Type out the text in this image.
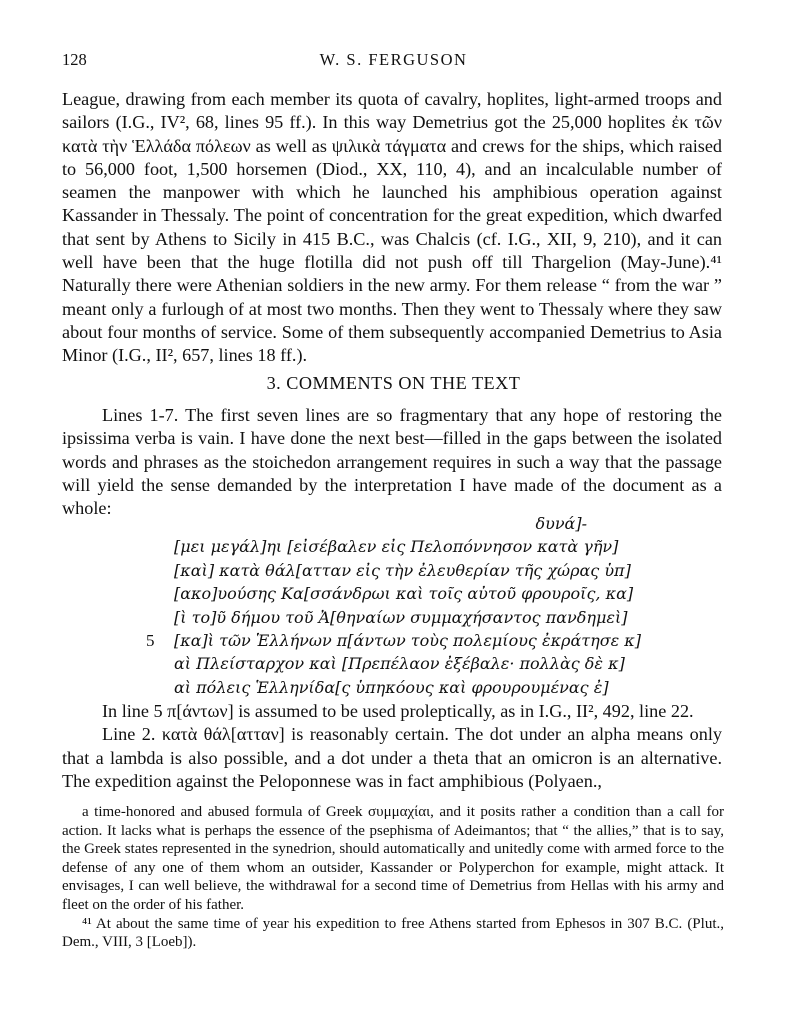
128	W. S. FERGUSON

League, drawing from each member its quota of cavalry, hoplites, light-armed troops and sailors (I.G., IV², 68, lines 95 ff.). In this way Demetrius got the 25,000 hoplites ἐκ τῶν κατὰ τὴν Ἑλλάδα πόλεων as well as ψιλικὰ τάγματα and crews for the ships, which raised to 56,000 foot, 1,500 horsemen (Diod., XX, 110, 4), and an incalculable number of seamen the manpower with which he launched his amphibious operation against Kassander in Thessaly. The point of concentration for the great expedition, which dwarfed that sent by Athens to Sicily in 415 B.C., was Chalcis (cf. I.G., XII, 9, 210), and it can well have been that the huge flotilla did not push off till Thargelion (May-June).⁴¹ Naturally there were Athenian soldiers in the new army. For them release “ from the war ” meant only a furlough of at most two months. Then they went to Thessaly where they saw about four months of service. Some of them subsequently accompanied Demetrius to Asia Minor (I.G., II², 657, lines 18 ff.).

3. COMMENTS ON THE TEXT

Lines 1-7. The first seven lines are so fragmentary that any hope of restoring the ipsissima verba is vain. I have done the next best—filled in the gaps between the isolated words and phrases as the stoichedon arrangement requires in such a way that the passage will yield the sense demanded by the interpretation I have made of the document as a whole:

δυνά]-
[μει μεγάλ]ηι [εἰσέβαλεν εἰς Πελοπόννησον κατὰ γῆν]
[καὶ] κατὰ θάλ[ατταν εἰς τὴν ἐλευθερίαν τῆς χώρας ὑπ]
[ακο]υούσης Κα[σσάνδρωι καὶ τοῖς αὐτοῦ φρουροῖς, κα]
[ὶ το]ῦ δήμου τοῦ Ἀ[θηναίων συμμαχήσαντος πανδημεὶ]
5 [κα]ὶ τῶν Ἑλλήνων π[άντων τοὺς πολεμίους ἐκράτησε κ]
αὶ Πλείσταρχον καὶ [Πρεπέλαον ἐξέβαλε· πολλὰς δὲ κ]
αὶ πόλεις Ἑλληνίδα[ς ὑπηκόους καὶ φρουρουμένας ἐ]

In line 5 π[άντων] is assumed to be used proleptically, as in I.G., II², 492, line 22.

Line 2. κατὰ θάλ[ατταν] is reasonably certain. The dot under an alpha means only that a lambda is also possible, and a dot under a theta that an omicron is an alternative. The expedition against the Peloponnese was in fact amphibious (Polyaen.,

a time-honored and abused formula of Greek συμμαχίαι, and it posits rather a condition than a call for action. It lacks what is perhaps the essence of the psephisma of Adeimantos; that “ the allies,” that is to say, the Greek states represented in the synedrion, should automatically and unitedly come with armed force to the defense of any one of them whom an outsider, Kassander or Polyperchon for example, might attack. It envisages, I can well believe, the withdrawal for a second time of Demetrius from Hellas with his army and fleet on the order of his father.

⁴¹ At about the same time of year his expedition to free Athens started from Ephesos in 307 B.C. (Plut., Dem., VIII, 3 [Loeb]).
